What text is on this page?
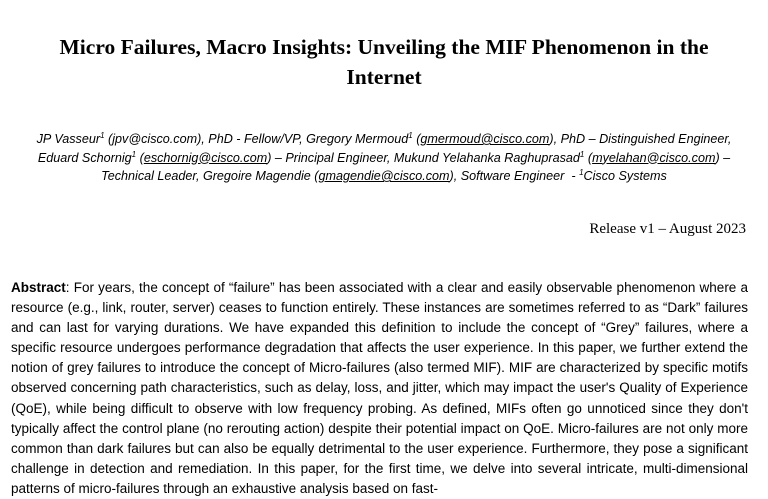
Micro Failures, Macro Insights: Unveiling the MIF Phenomenon in the Internet

JP Vasseur$^1$ (jpv@cisco.com), PhD - Fellow/VP, Gregory Mermoud$^1$ (gmermoud@cisco.com), PhD – Distinguished Engineer,
Eduard Schornig$^1$ (eschornig@cisco.com) – Principal Engineer, Mukund Yelahanka Raghuprasad$^1$ (myelahan@cisco.com) –
Technical Leader, Gregoire Magendie (gmagendie@cisco.com), Software Engineer  - $^1$Cisco Systems

Release v1 – August 2023

Abstract: For years, the concept of “failure” has been associated with a clear and easily observable phenomenon where a resource (e.g., link, router, server) ceases to function entirely. These instances are sometimes referred to as “Dark” failures and can last for varying durations. We have expanded this definition to include the concept of “Grey” failures, where a specific resource undergoes performance degradation that affects the user experience. In this paper, we further extend the notion of grey failures to introduce the concept of Micro-failures (also termed MIF). MIF are characterized by specific motifs observed concerning path characteristics, such as delay, loss, and jitter, which may impact the user's Quality of Experience (QoE), while being difficult to observe with low frequency probing. As defined, MIFs often go unnoticed since they don't typically affect the control plane (no rerouting action) despite their potential impact on QoE. Micro-failures are not only more common than dark failures but can also be equally detrimental to the user experience. Furthermore, they pose a significant challenge in detection and remediation. In this paper, for the first time, we delve into several intricate, multi-dimensional patterns of micro-failures through an exhaustive analysis based on fast-
